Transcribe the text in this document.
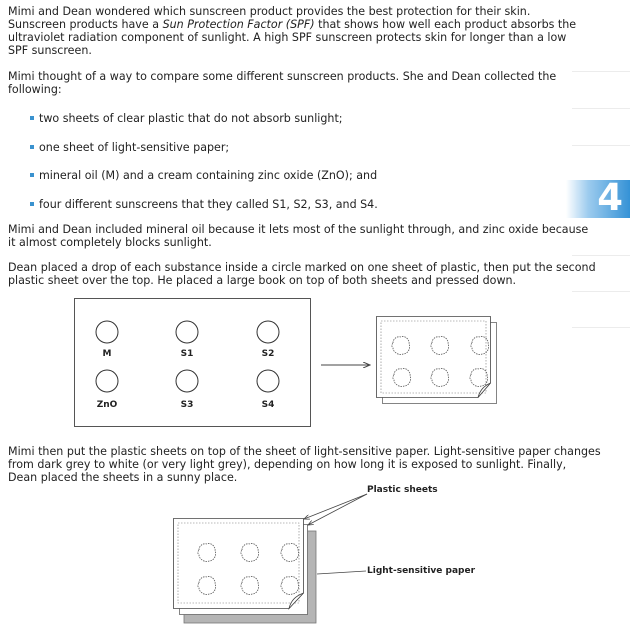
Mimi and Dean wondered which sunscreen product provides the best protection for their skin.
Sunscreen products have a Sun Protection Factor (SPF) that shows how well each product absorbs the
ultraviolet radiation component of sunlight. A high SPF sunscreen protects skin for longer than a low
SPF sunscreen.
Mimi thought of a way to compare some different sunscreen products. She and Dean collected the
following:
two sheets of clear plastic that do not absorb sunlight;
one sheet of light-sensitive paper;
mineral oil (M) and a cream containing zinc oxide (ZnO); and
four different sunscreens that they called S1, S2, S3, and S4.
Mimi and Dean included mineral oil because it lets most of the sunlight through, and zinc oxide because
it almost completely blocks sunlight.
Dean placed a drop of each substance inside a circle marked on one sheet of plastic, then put the second
plastic sheet over the top. He placed a large book on top of both sheets and pressed down.
Mimi then put the plastic sheets on top of the sheet of light-sensitive paper. Light-sensitive paper changes
from dark grey to white (or very light grey), depending on how long it is exposed to sunlight. Finally,
Dean placed the sheets in a sunny place.
4
M	S1	S2
ZnO	S3	S4
Plastic sheets
Light-sensitive paper
